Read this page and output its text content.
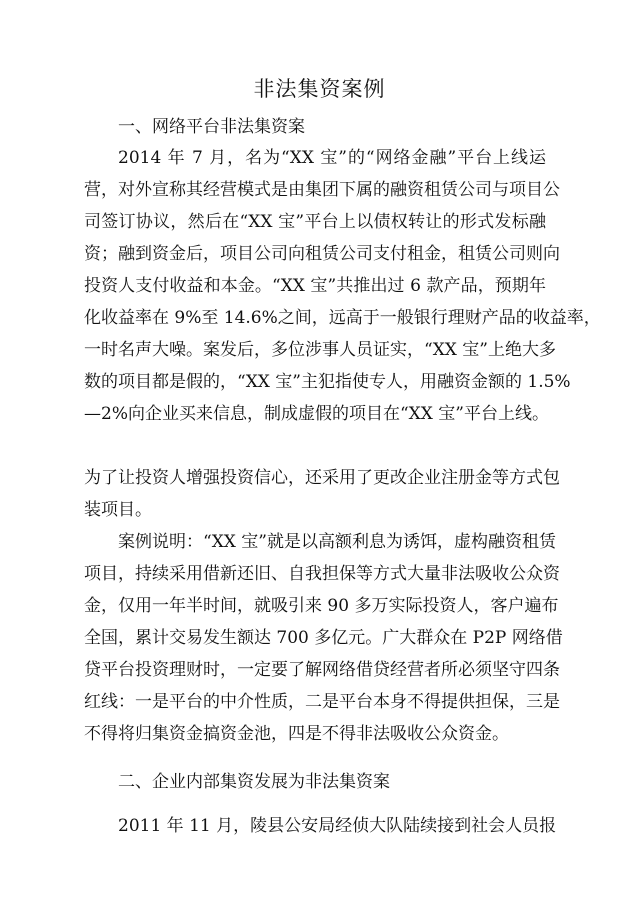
非法集资案例
一、网络平台非法集资案
2014 年 7 月，名为“XX 宝”的“网络金融”平台上线运
营，对外宣称其经营模式是由集团下属的融资租赁公司与项目公
司签订协议，然后在“XX 宝”平台上以债权转让的形式发标融
资；融到资金后，项目公司向租赁公司支付租金，租赁公司则向
投资人支付收益和本金。“XX 宝”共推出过 6 款产品，预期年
化收益率在 9%至 14.6%之间，远高于一般银行理财产品的收益率，
一时名声大噪。案发后，多位涉事人员证实，“XX 宝”上绝大多
数的项目都是假的，“XX 宝”主犯指使专人，用融资金额的 1.5%
—2%向企业买来信息，制成虚假的项目在“XX 宝”平台上线。
为了让投资人增强投资信心，还采用了更改企业注册金等方式包
装项目。
案例说明：“XX 宝”就是以高额利息为诱饵，虚构融资租赁
项目，持续采用借新还旧、自我担保等方式大量非法吸收公众资
金，仅用一年半时间，就吸引来 90 多万实际投资人，客户遍布
全国，累计交易发生额达 700 多亿元。广大群众在 P2P 网络借
贷平台投资理财时，一定要了解网络借贷经营者所必须坚守四条
红线：一是平台的中介性质，二是平台本身不得提供担保，三是
不得将归集资金搞资金池，四是不得非法吸收公众资金。
二、企业内部集资发展为非法集资案
2011 年 11 月，陵县公安局经侦大队陆续接到社会人员报
